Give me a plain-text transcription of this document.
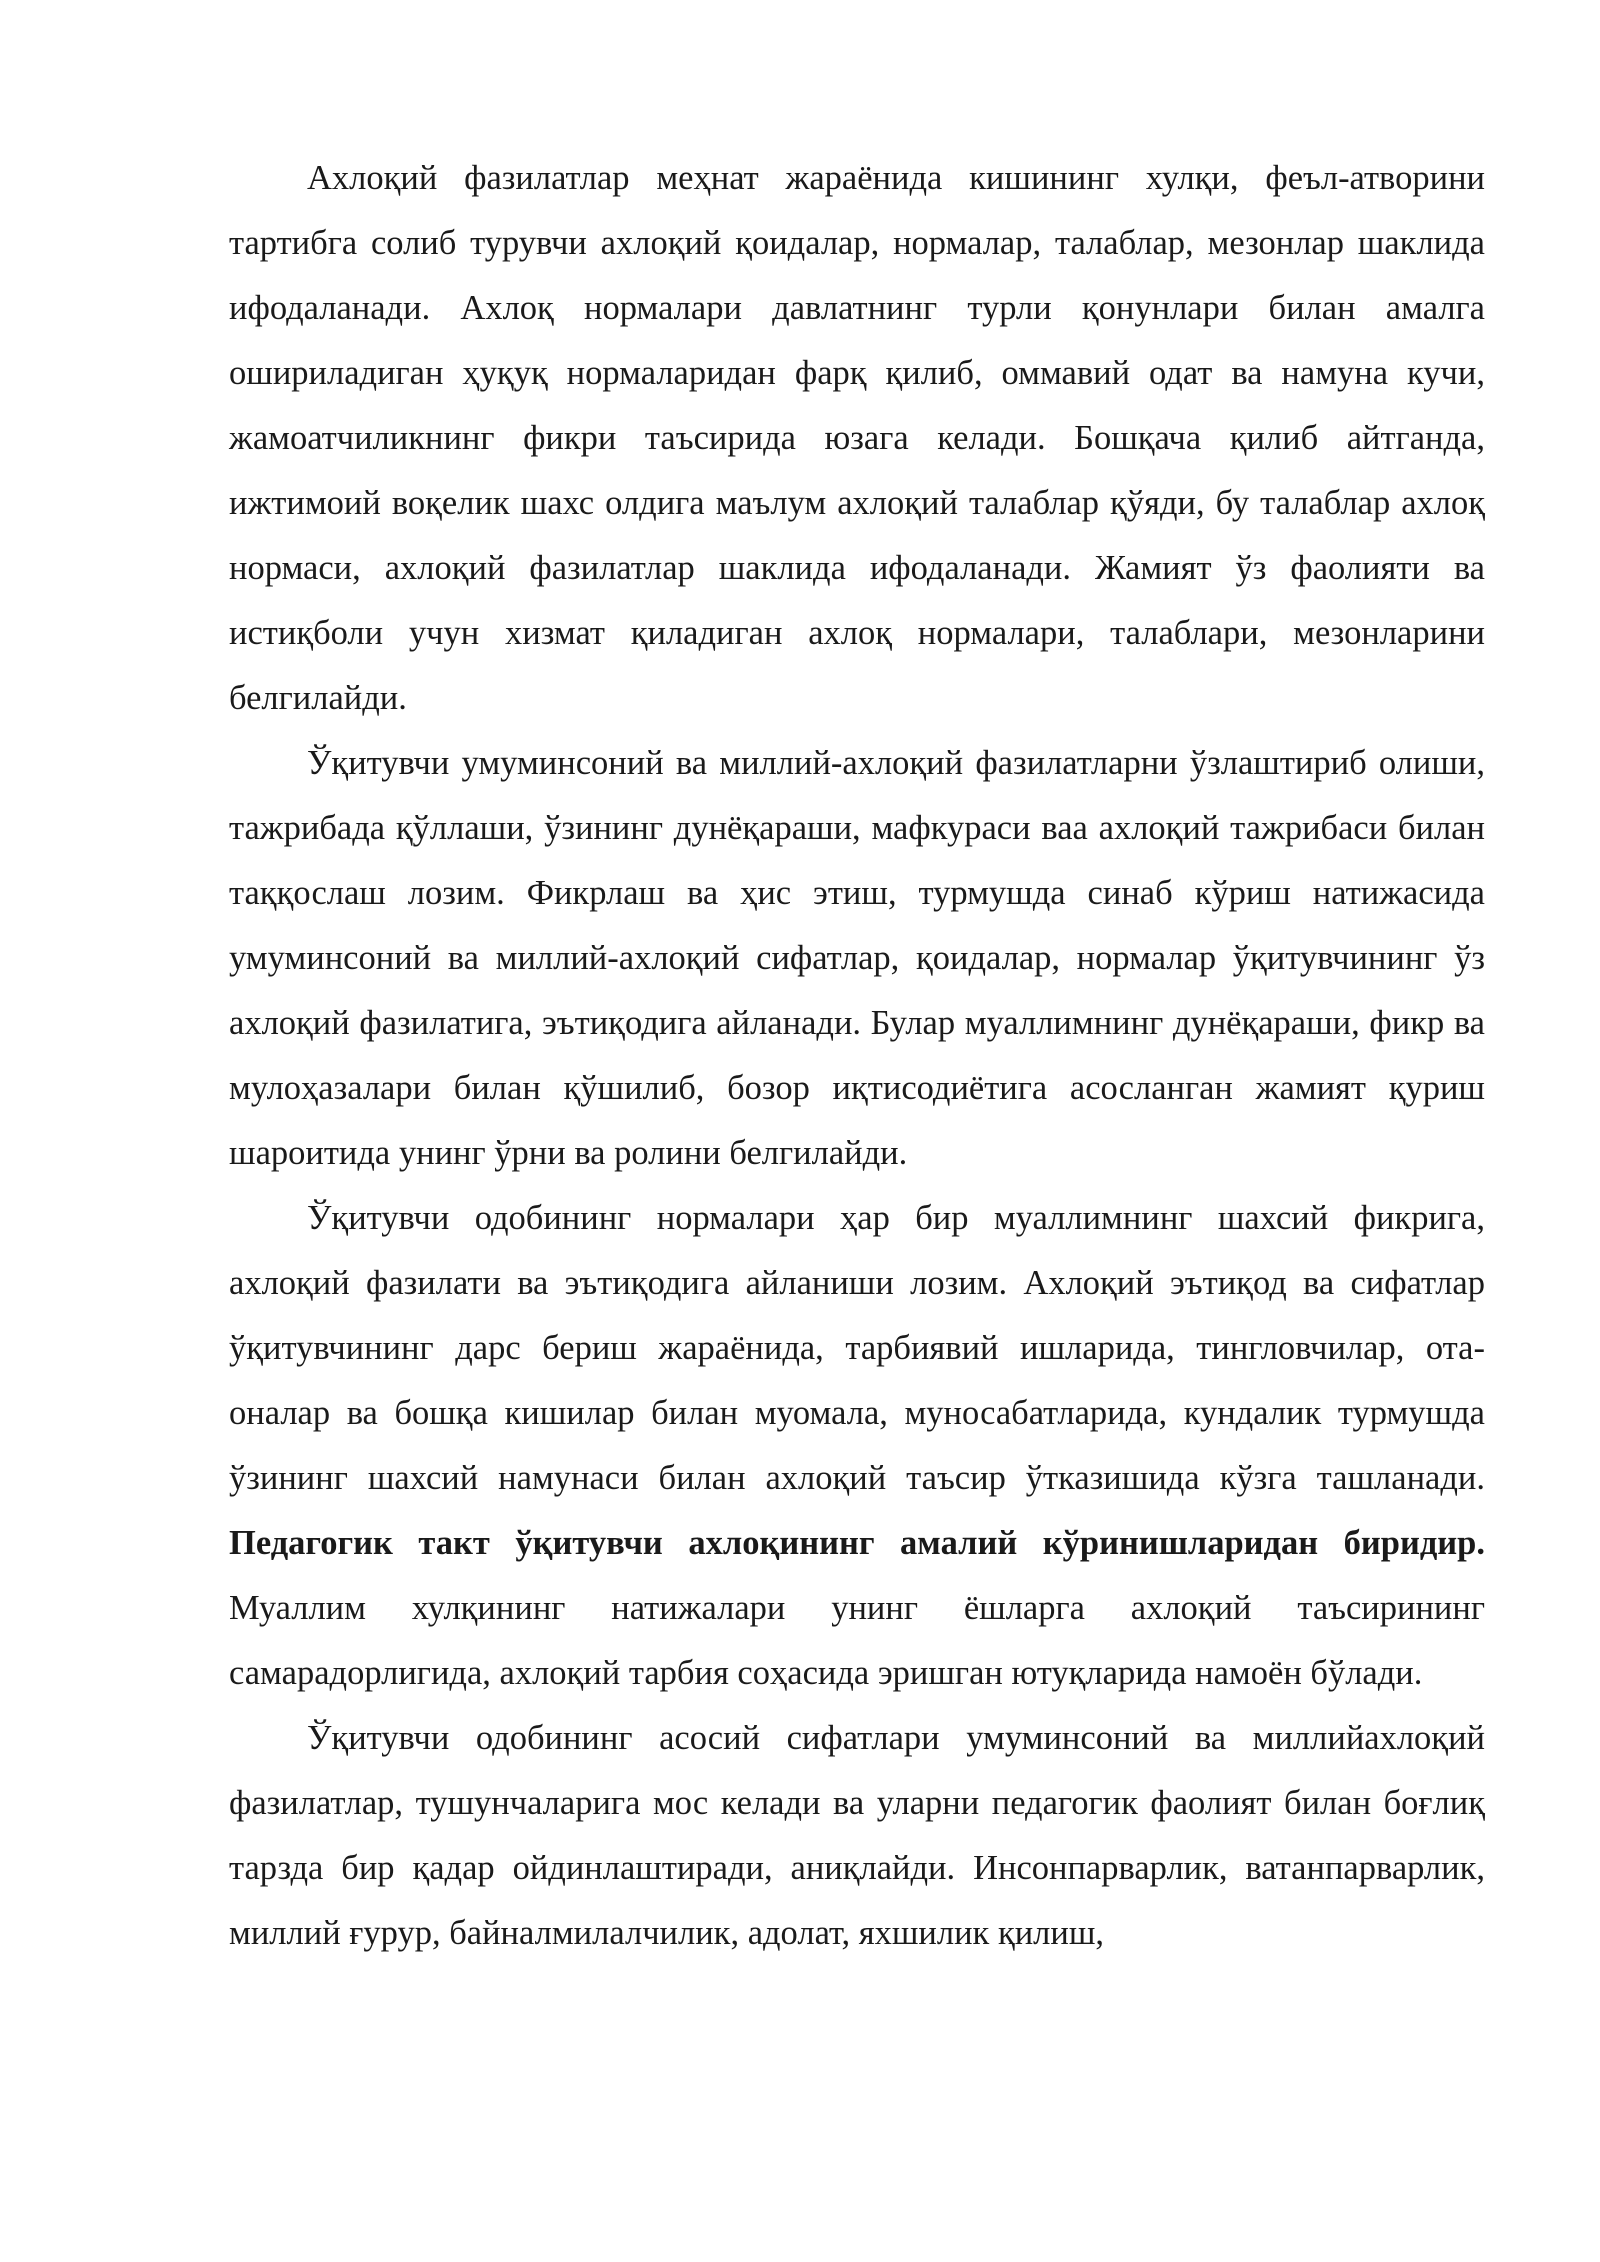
Ахлоқий фазилатлар меҳнат жараёнида кишининг хулқи, феъл-атворини тартибга солиб турувчи ахлоқий қоидалар, нормалар, талаблар, мезонлар шаклида ифодаланади. Ахлоқ нормалари давлатнинг турли қонунлари билан амалга ошириладиган ҳуқуқ нормаларидан фарқ қилиб, оммавий одат ва намуна кучи, жамоатчиликнинг фикри таъсирида юзага келади. Бошқача қилиб айтганда, ижтимоий воқелик шахс олдига маълум ахлоқий талаблар қўяди, бу талаблар ахлоқ нормаси, ахлоқий фазилатлар шаклида ифодаланади. Жамият ўз фаолияти ва истиқболи учун хизмат қиладиган ахлоқ нормалари, талаблари, мезонларини белгилайди.

Ўқитувчи умуминсоний ва миллий-ахлоқий фазилатларни ўзлаштириб олиши, тажрибада қўллаши, ўзининг дунёқараши, мафкураси ваа ахлоқий тажрибаси билан таққослаш лозим. Фикрлаш ва ҳис этиш, турмушда синаб кўриш натижасида умуминсоний ва миллий-ахлоқий сифатлар, қоидалар, нормалар ўқитувчининг ўз ахлоқий фазилатига, эътиқодига айланади. Булар муаллимнинг дунёқараши, фикр ва мулоҳазалари билан қўшилиб, бозор иқтисодиётига асосланган жамият қуриш шароитида унинг ўрни ва ролини белгилайди.

Ўқитувчи одобининг нормалари ҳар бир муаллимнинг шахсий фикрига, ахлоқий фазилати ва эътиқодига айланиши лозим. Ахлоқий эътиқод ва сифатлар ўқитувчининг дарс бериш жараёнида, тарбиявий ишларида, тингловчилар, ота-оналар ва бошқа кишилар билан муомала, муносабатларида, кундалик турмушда ўзининг шахсий намунаси билан ахлоқий таъсир ўтказишида кўзга ташланади. Педагогик такт ўқитувчи ахлоқининг амалий кўринишларидан биридир. Муаллим хулқининг натижалари унинг ёшларга ахлоқий таъсирининг самарадорлигида, ахлоқий тарбия соҳасида эришган ютуқларида намоён бўлади.

Ўқитувчи одобининг асосий сифатлари умуминсоний ва миллийахлоқий фазилатлар, тушунчаларига мос келади ва уларни педагогик фаолият билан боғлиқ тарзда бир қадар ойдинлаштиради, аниқлайди. Инсонпарварлик, ватанпарварлик, миллий ғурур, байналмилалчилик, адолат, яхшилик қилиш,
